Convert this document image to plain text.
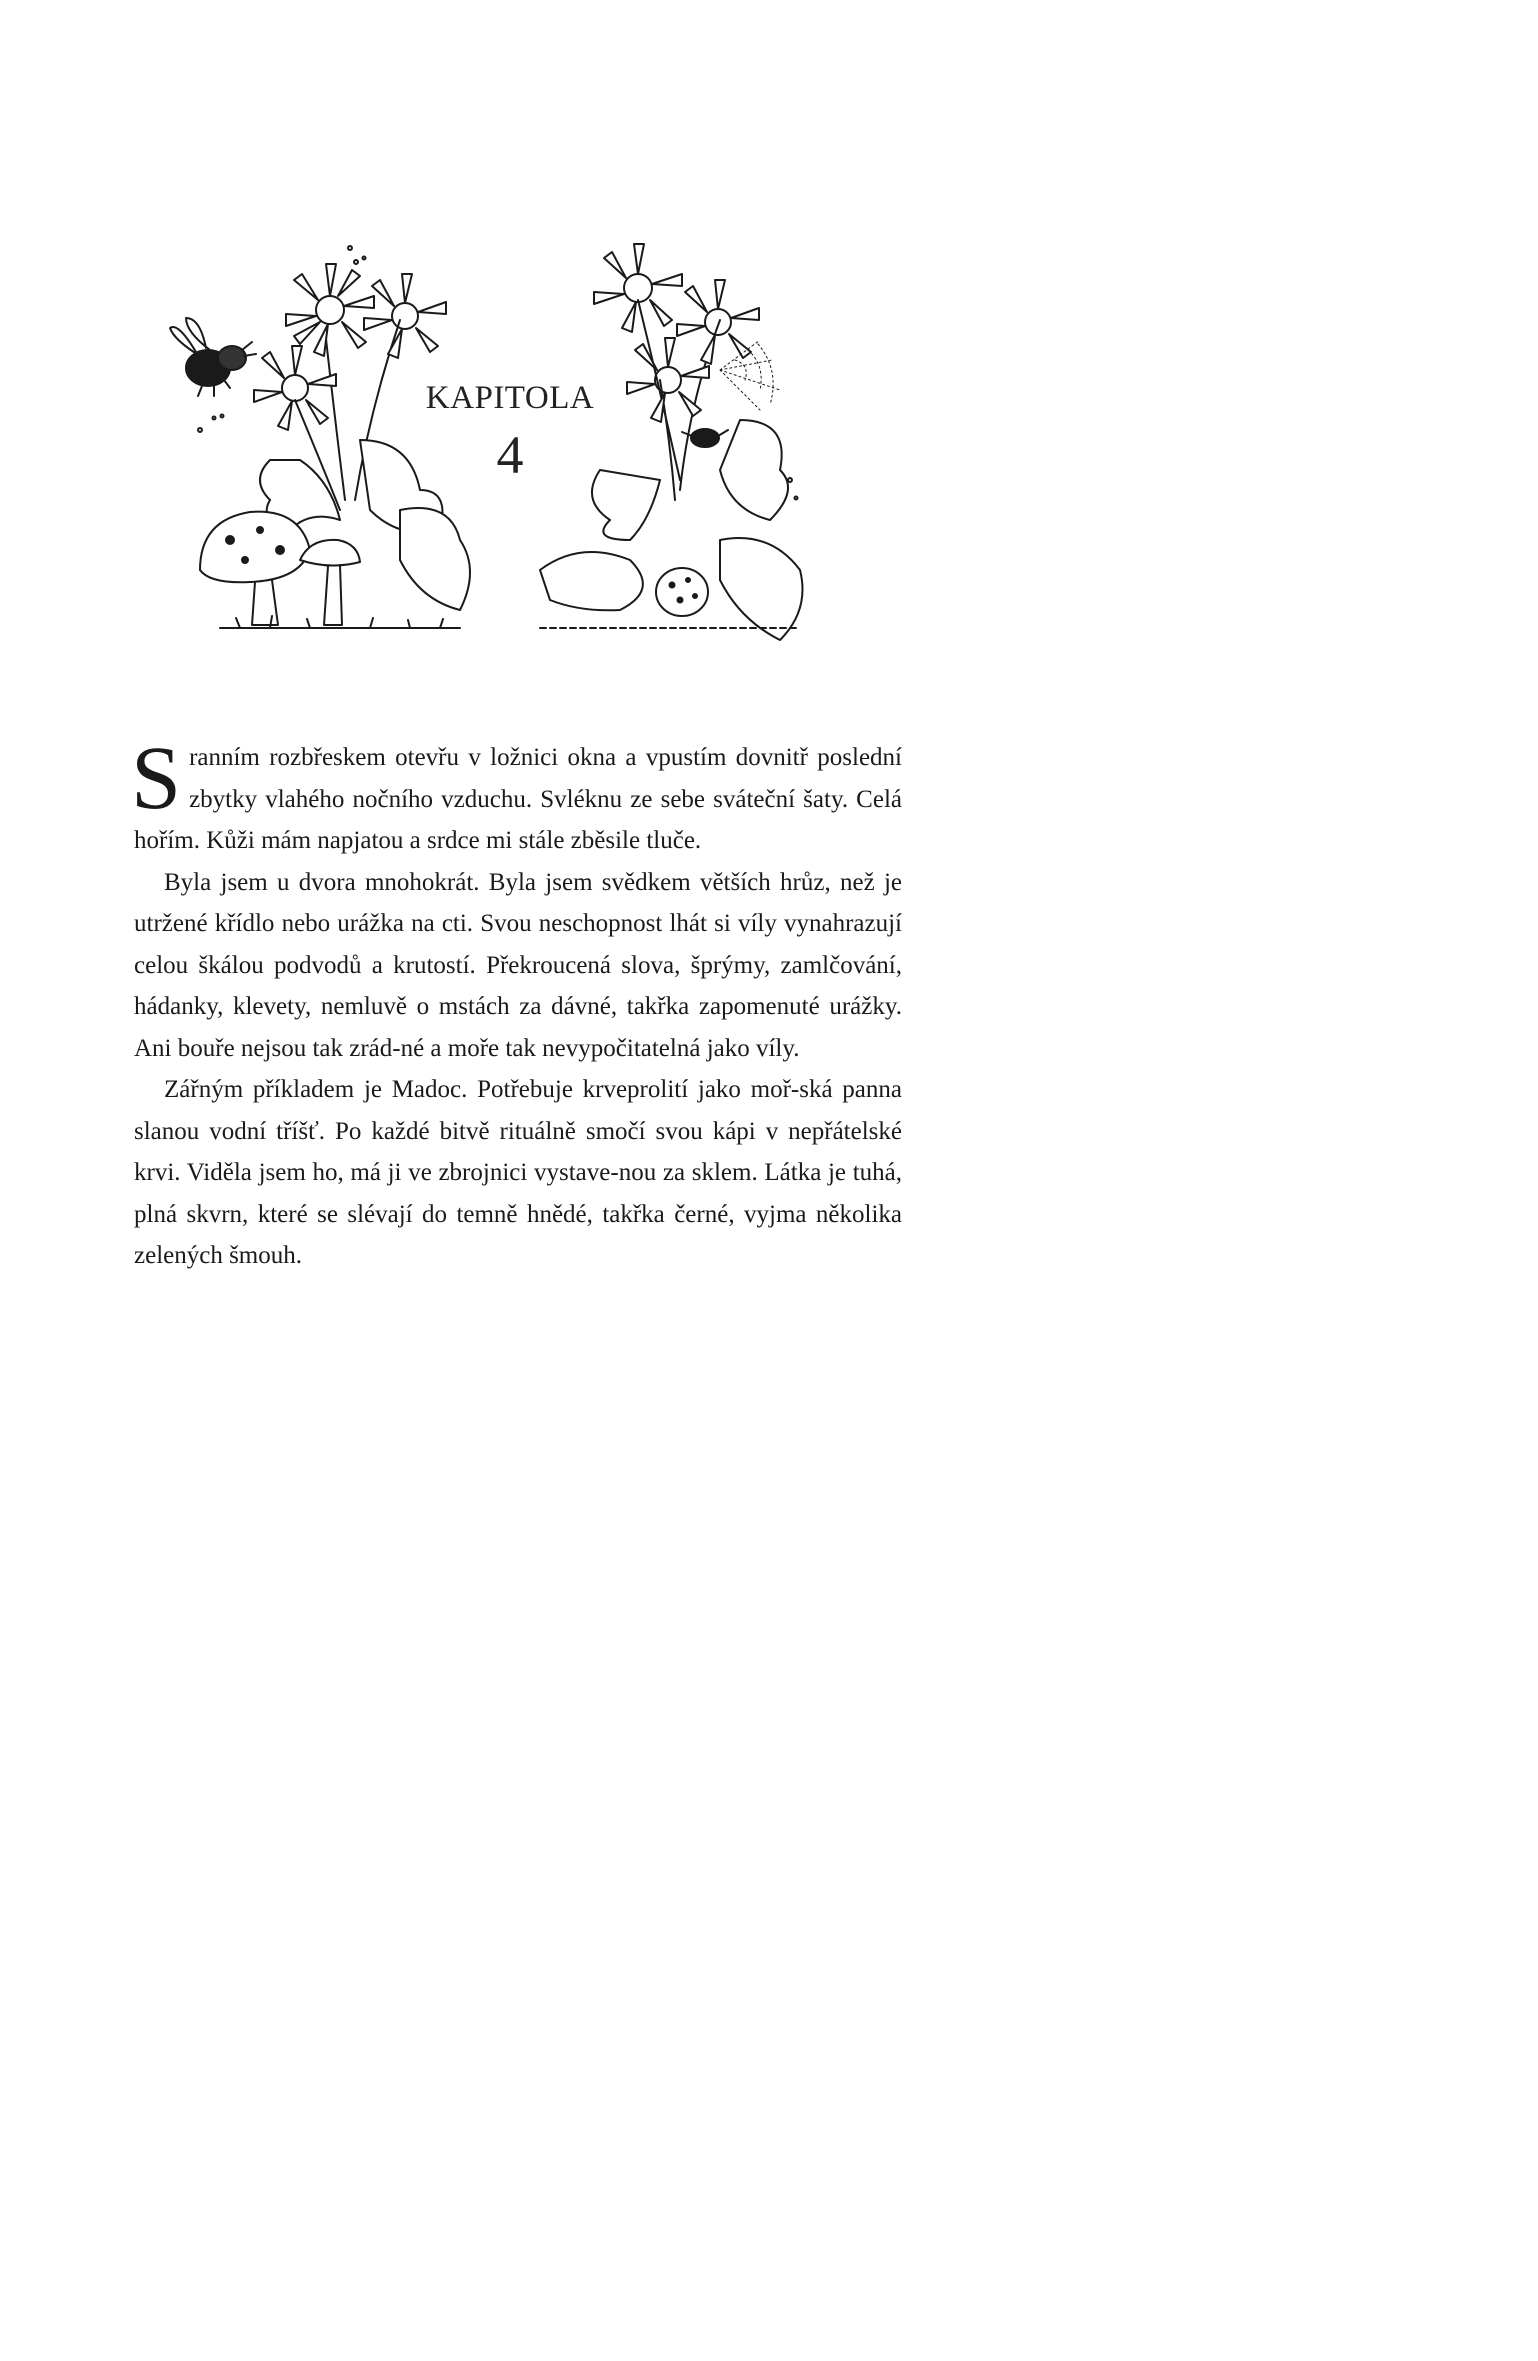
KAPITOLA
4

Sranním rozbřeskem otevřu v ložnici okna a vpustím dovnitř poslední zbytky vlahého nočního vzduchu. Svléknu ze sebe sváteční šaty. Celá hořím. Kůži mám napjatou a srdce mi stále zběsile tluče.

Byla jsem u dvora mnohokrát. Byla jsem svědkem větších hrůz, než je utržené křídlo nebo urážka na cti. Svou neschopnost lhát si víly vynahrazují celou škálou podvodů a krutostí. Překroucená slova, šprýmy, zamlčování, hádanky, klevety, nemluvě o mstách za dávné, takřka zapomenuté urážky. Ani bouře nejsou tak zrád-né a moře tak nevypočitatelná jako víly.

Zářným příkladem je Madoc. Potřebuje krveprolití jako moř-ská panna slanou vodní tříšť. Po každé bitvě rituálně smočí svou kápi v nepřátelské krvi. Viděla jsem ho, má ji ve zbrojnici vystave-nou za sklem. Látka je tuhá, plná skvrn, které se slévají do temně hnědé, takřka černé, vyjma několika zelených šmouh.
